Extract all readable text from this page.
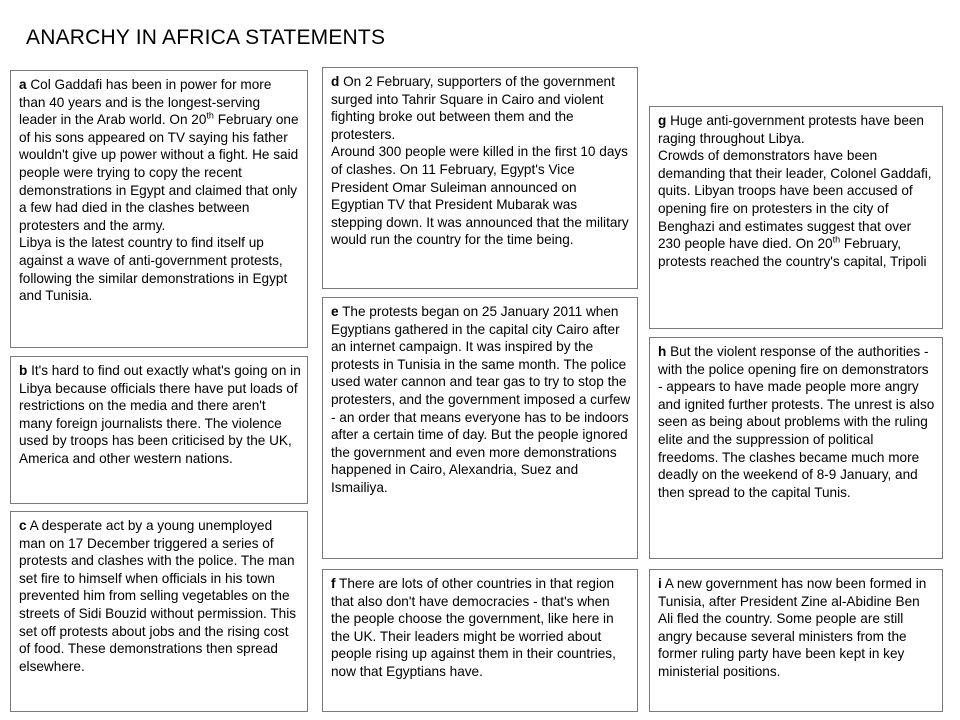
ANARCHY IN AFRICA STATEMENTS
a Col Gaddafi has been in power for more than 40 years and is the longest-serving leader in the Arab world. On 20th February one of his sons appeared on TV saying his father wouldn't give up power without a fight. He said people were trying to copy the recent demonstrations in Egypt and claimed that only a few had died in the clashes between protesters and the army.
Libya is the latest country to find itself up against a wave of anti-government protests, following the similar demonstrations in Egypt and Tunisia.
b It's hard to find out exactly what's going on in Libya because officials there have put loads of restrictions on the media and there aren't many foreign journalists there. The violence used by troops has been criticised by the UK, America and other western nations.
c A desperate act by a young unemployed man on 17 December triggered a series of protests and clashes with the police. The man set fire to himself when officials in his town prevented him from selling vegetables on the streets of Sidi Bouzid without permission. This set off protests about jobs and the rising cost of food. These demonstrations then spread elsewhere.
d On 2 February, supporters of the government surged into Tahrir Square in Cairo and violent fighting broke out between them and the protesters.
Around 300 people were killed in the first 10 days of clashes. On 11 February, Egypt's Vice President Omar Suleiman announced on Egyptian TV that President Mubarak was stepping down. It was announced that the military would run the country for the time being.
e The protests began on 25 January 2011 when Egyptians gathered in the capital city Cairo after an internet campaign. It was inspired by the protests in Tunisia in the same month. The police used water cannon and tear gas to try to stop the protesters, and the government imposed a curfew - an order that means everyone has to be indoors after a certain time of day. But the people ignored the government and even more demonstrations happened in Cairo, Alexandria, Suez and Ismailiya.
f There are lots of other countries in that region that also don't have democracies - that's when the people choose the government, like here in the UK. Their leaders might be worried about people rising up against them in their countries, now that Egyptians have.
g Huge anti-government protests have been raging throughout Libya.
Crowds of demonstrators have been demanding that their leader, Colonel Gaddafi, quits. Libyan troops have been accused of opening fire on protesters in the city of Benghazi and estimates suggest that over 230 people have died. On 20th February, protests reached the country's capital, Tripoli
h But the violent response of the authorities - with the police opening fire on demonstrators - appears to have made people more angry and ignited further protests. The unrest is also seen as being about problems with the ruling elite and the suppression of political freedoms. The clashes became much more deadly on the weekend of 8-9 January, and then spread to the capital Tunis.
i A new government has now been formed in Tunisia, after President Zine al-Abidine Ben Ali fled the country. Some people are still angry because several ministers from the former ruling party have been kept in key ministerial positions.
